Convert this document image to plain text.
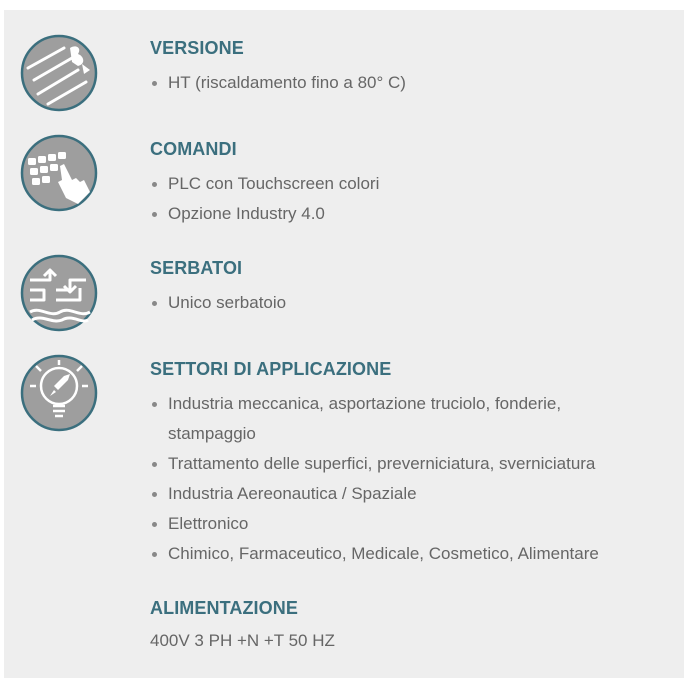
VERSIONE
HT (riscaldamento fino a 80° C)
COMANDI
PLC con Touchscreen colori
Opzione Industry 4.0
SERBATOI
Unico serbatoio
SETTORI DI APPLICAZIONE
Industria meccanica, asportazione truciolo, fonderie, stampaggio
Trattamento delle superfici, preverniciatura, sverniciatura
Industria Aereonautica / Spaziale
Elettronico
Chimico, Farmaceutico, Medicale, Cosmetico, Alimentare
ALIMENTAZIONE

400V 3 PH +N +T 50 HZ
